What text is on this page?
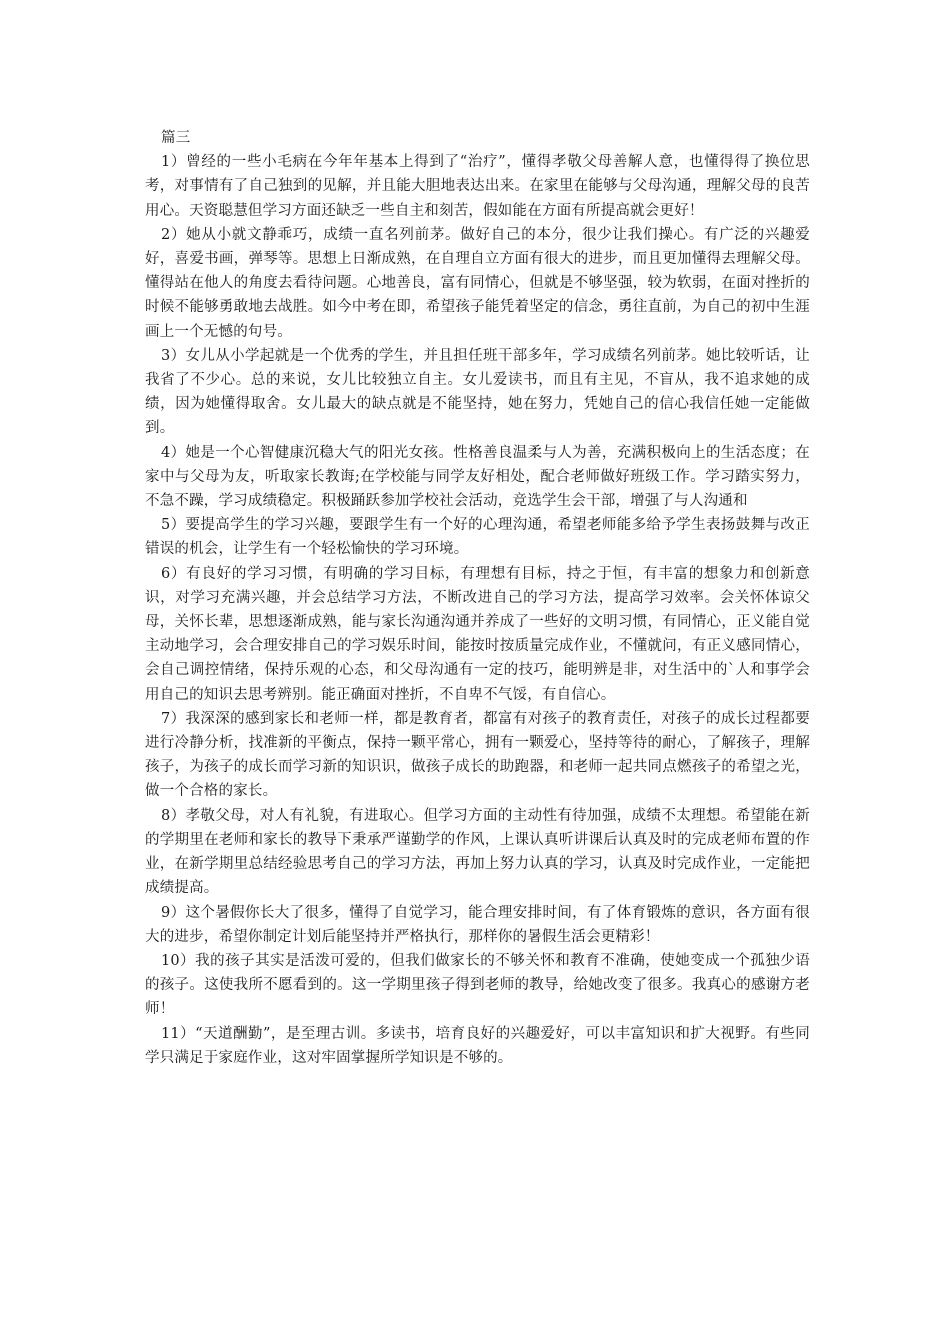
篇三

1）曾经的一些小毛病在今年年基本上得到了“治疗”，懂得孝敬父母善解人意，也懂得得了换位思考，对事情有了自己独到的见解，并且能大胆地表达出来。在家里在能够与父母沟通，理解父母的良苦用心。天资聪慧但学习方面还缺乏一些自主和刻苦，假如能在方面有所提高就会更好！

2）她从小就文静乖巧，成绩一直名列前茅。做好自己的本分，很少让我们操心。有广泛的兴趣爱好，喜爱书画，弹琴等。思想上日渐成熟，在自理自立方面有很大的进步，而且更加懂得去理解父母。懂得站在他人的角度去看待问题。心地善良，富有同情心，但就是不够坚强，较为软弱，在面对挫折的时候不能够勇敢地去战胜。如今中考在即，希望孩子能凭着坚定的信念，勇往直前，为自己的初中生涯画上一个无憾的句号。

3）女儿从小学起就是一个优秀的学生，并且担任班干部多年，学习成绩名列前茅。她比较听话，让我省了不少心。总的来说，女儿比较独立自主。女儿爱读书，而且有主见，不盲从，我不追求她的成绩，因为她懂得取舍。女儿最大的缺点就是不能坚持，她在努力，凭她自己的信心我信任她一定能做到。

4）她是一个心智健康沉稳大气的阳光女孩。性格善良温柔与人为善，充满积极向上的生活态度；在家中与父母为友，听取家长教诲;在学校能与同学友好相处，配合老师做好班级工作。学习踏实努力，不急不躁，学习成绩稳定。积极踊跃参加学校社会活动，竞选学生会干部，增强了与人沟通和

5）要提高学生的学习兴趣，要跟学生有一个好的心理沟通，希望老师能多给予学生表扬鼓舞与改正错误的机会，让学生有一个轻松愉快的学习环境。

6）有良好的学习习惯，有明确的学习目标，有理想有目标，持之于恒，有丰富的想象力和创新意识，对学习充满兴趣，并会总结学习方法，不断改进自己的学习方法，提高学习效率。会关怀体谅父母，关怀长辈，思想逐渐成熟，能与家长沟通沟通并养成了一些好的文明习惯，有同情心，正义能自觉主动地学习，会合理安排自己的学习娱乐时间，能按时按质量完成作业，不懂就问，有正义感同情心，会自己调控情绪，保持乐观的心态，和父母沟通有一定的技巧，能明辨是非，对生活中的`人和事学会用自己的知识去思考辨别。能正确面对挫折，不自卑不气馁，有自信心。

7）我深深的感到家长和老师一样，都是教育者，都富有对孩子的教育责任，对孩子的成长过程都要进行冷静分析，找准新的平衡点，保持一颗平常心，拥有一颗爱心，坚持等待的耐心，了解孩子，理解孩子，为孩子的成长而学习新的知识识，做孩子成长的助跑器，和老师一起共同点燃孩子的希望之光，做一个合格的家长。

8）孝敬父母，对人有礼貌，有进取心。但学习方面的主动性有待加强，成绩不太理想。希望能在新的学期里在老师和家长的教导下秉承严谨勤学的作风，上课认真听讲课后认真及时的完成老师布置的作业，在新学期里总结经验思考自己的学习方法，再加上努力认真的学习，认真及时完成作业，一定能把成绩提高。

9）这个暑假你长大了很多，懂得了自觉学习，能合理安排时间，有了体育锻炼的意识，各方面有很大的进步，希望你制定计划后能坚持并严格执行，那样你的暑假生活会更精彩！

10）我的孩子其实是活泼可爱的，但我们做家长的不够关怀和教育不准确，使她变成一个孤独少语的孩子。这使我所不愿看到的。这一学期里孩子得到老师的教导，给她改变了很多。我真心的感谢方老师！

11）“天道酬勤”，是至理古训。多读书，培育良好的兴趣爱好，可以丰富知识和扩大视野。有些同学只满足于家庭作业，这对牢固掌握所学知识是不够的。
